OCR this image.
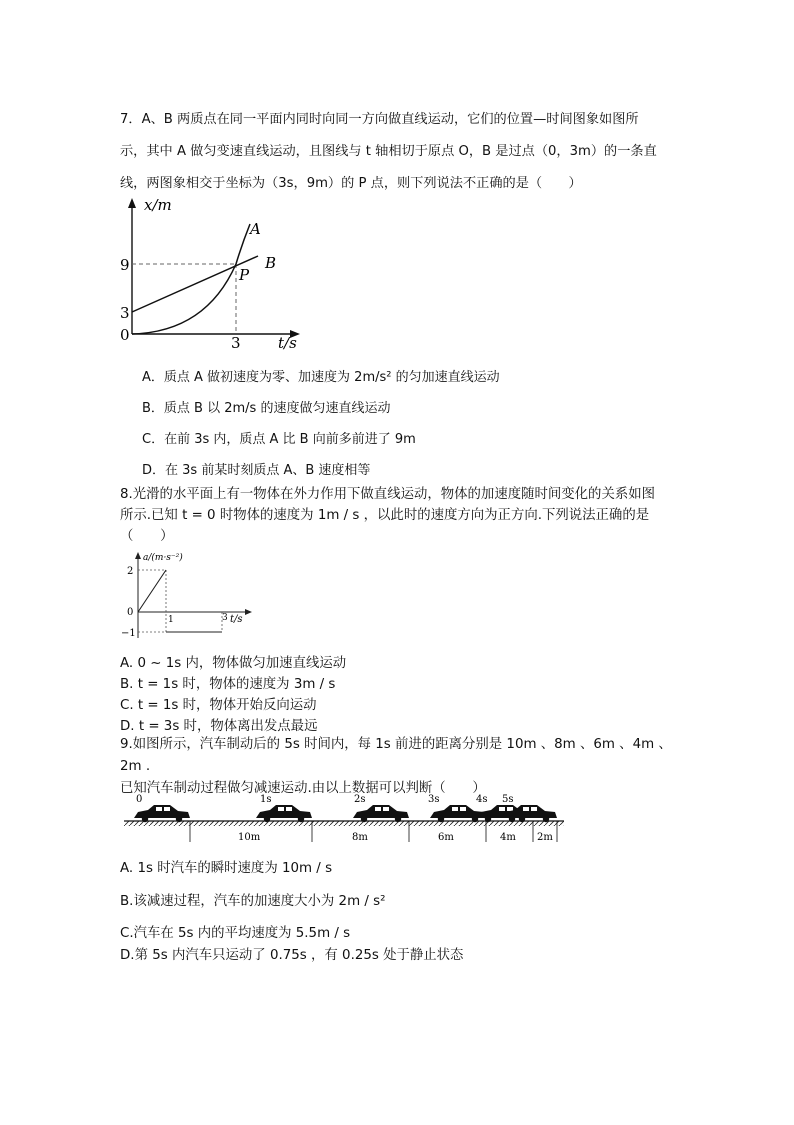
7．A、B 两质点在同一平面内同时向同一方向做直线运动，它们的位置—时间图象如图所
示，其中 A 做匀变速直线运动，且图线与 t 轴相切于原点 O，B 是过点（0，3m）的一条直
线，两图象相交于坐标为（3s，9m）的 P 点，则下列说法不正确的是（　　）
x/m
t/s
9
3
0	3
A
B
P
A．质点 A 做初速度为零、加速度为 2m/s² 的匀加速直线运动
B．质点 B 以 2m/s 的速度做匀速直线运动
C．在前 3s 内，质点 A 比 B 向前多前进了 9m
D．在 3s 前某时刻质点 A、B 速度相等
8.光滑的水平面上有一物体在外力作用下做直线运动，物体的加速度随时间变化的关系如图
所示.已知 t = 0 时物体的速度为 1m / s ，以此时的速度方向为正方向.下列说法正确的是
（　　）
a/(m·s⁻²)
t/s
2
0
−1
1	3
A. 0 ~ 1s 内，物体做匀加速直线运动
B. t = 1s 时，物体的速度为 3m / s
C. t = 1s 时，物体开始反向运动
D. t = 3s 时，物体离出发点最远
9.如图所示，汽车制动后的 5s 时间内，每 1s 前进的距离分别是 10m 、8m 、6m 、4m 、2m .
已知汽车制动过程做匀减速运动.由以上数据可以判断（　　）
0	1s	2s	3s	4s 5s
10m	8m	6m	4m 2m
A. 1s 时汽车的瞬时速度为 10m / s
B.该减速过程，汽车的加速度大小为 2m / s²
C.汽车在 5s 内的平均速度为 5.5m / s
D.第 5s 内汽车只运动了 0.75s ，有 0.25s 处于静止状态
